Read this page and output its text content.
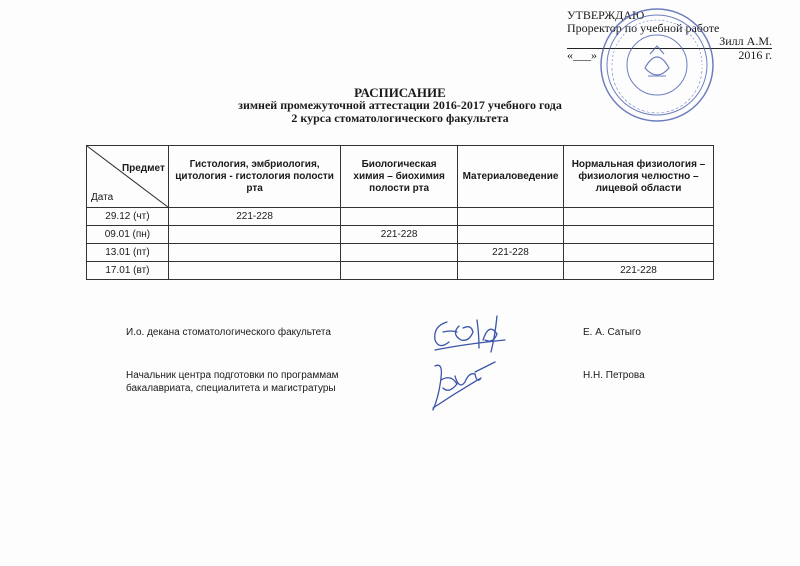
УТВЕРЖДАЮ
Проректор по учебной работе
Зилл А.М.
«___»	2016 г.
РАСПИСАНИЕ
зимней промежуточной аттестации 2016-2017 учебного года
2 курса стоматологического факультета
Предмет
Дата	Гистология, эмбриология, цитология - гистология полости рта	Биологическая химия – биохимия полости рта	Материаловедение	Нормальная физиология – физиология челюстно – лицевой области
29.12 (чт)	221-228			
09.01 (пн)		221-228		
13.01 (пт)			221-228	
17.01 (вт)				221-228
И.о. декана стоматологического факультета	Е. А. Сатыго
Начальник центра подготовки по программам
бакалавриата, специалитета и магистратуры
Н.Н. Петрова
